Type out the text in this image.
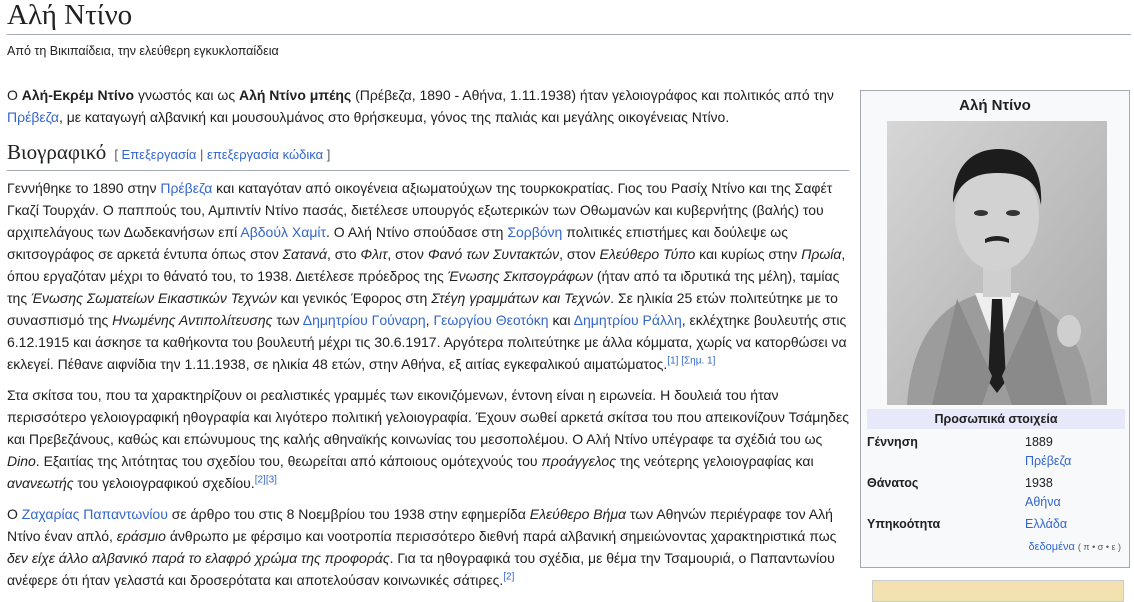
Αλή Ντίνο
Από τη Βικιπαίδεια, την ελεύθερη εγκυκλοπαίδεια

Ο Αλή-Εκρέμ Ντίνο γνωστός και ως Αλή Ντίνο μπέης (Πρέβεζα, 1890 - Αθήνα, 1.11.1938) ήταν γελοιογράφος και πολιτικός από την Πρέβεζα, με καταγωγή αλβανική και μουσουλμάνος στο θρήσκευμα, γόνος της παλιάς και μεγάλης οικογένειας Ντίνο.

Βιογραφικό [ Επεξεργασία | επεξεργασία κώδικα ]

Γεννήθηκε το 1890 στην Πρέβεζα και καταγόταν από οικογένεια αξιωματούχων της τουρκοκρατίας. Γιος του Ρασίχ Ντίνο και της Σαφέτ Γκαζί Τουρχάν. Ο παππούς του, Αμπιντίν Ντίνο πασάς, διετέλεσε υπουργός εξωτερικών των Οθωμανών και κυβερνήτης (βαλής) του αρχιπελάγους των Δωδεκανήσων επί Αβδούλ Χαμίτ. Ο Αλή Ντίνο σπούδασε στη Σορβόνη πολιτικές επιστήμες και δούλεψε ως σκιτσογράφος σε αρκετά έντυπα όπως στον Σατανά, στο Φλιτ, στον Φανό των Συντακτών, στον Ελεύθερο Τύπο και κυρίως στην Πρωία, όπου εργαζόταν μέχρι το θάνατό του, το 1938. Διετέλεσε πρόεδρος της Ένωσης Σκιτσογράφων (ήταν από τα ιδρυτικά της μέλη), ταμίας της Ένωσης Σωματείων Εικαστικών Τεχνών και γενικός Έφορος στη Στέγη γραμμάτων και Τεχνών. Σε ηλικία 25 ετών πολιτεύτηκε με το συνασπισμό της Ηνωμένης Αντιπολίτευσης των Δημητρίου Γούναρη, Γεωργίου Θεοτόκη και Δημητρίου Ράλλη, εκλέχτηκε βουλευτής στις 6.12.1915 και άσκησε τα καθήκοντα του βουλευτή μέχρι τις 30.6.1917. Αργότερα πολιτεύτηκε με άλλα κόμματα, χωρίς να κατορθώσει να εκλεγεί. Πέθανε αιφνίδια την 1.11.1938, σε ηλικία 48 ετών, στην Αθήνα, εξ αιτίας εγκεφαλικού αιματώματος.[1] [Σημ. 1]

Στα σκίτσα του, που τα χαρακτηρίζουν οι ρεαλιστικές γραμμές των εικονιζόμενων, έντονη είναι η ειρωνεία. Η δουλειά του ήταν περισσότερο γελοιογραφική ηθογραφία και λιγότερο πολιτική γελοιογραφία. Έχουν σωθεί αρκετά σκίτσα του που απεικονίζουν Τσάμηδες και Πρεβεζάνους, καθώς και επώνυμους της καλής αθηναϊκής κοινωνίας του μεσοπολέμου. Ο Αλή Ντίνο υπέγραφε τα σχέδιά του ως Dino. Εξαιτίας της λιτότητας του σχεδίου του, θεωρείται από κάποιους ομότεχνούς του προάγγελος της νεότερης γελοιογραφίας και ανανεωτής του γελοιογραφικού σχεδίου.[2][3]

Ο Ζαχαρίας Παπαντωνίου σε άρθρο του στις 8 Νοεμβρίου του 1938 στην εφημερίδα Ελεύθερο Βήμα των Αθηνών περιέγραφε τον Αλή Ντίνο έναν απλό, εράσμιο άνθρωπο με φέρσιμο και νοοτροπία περισσότερο διεθνή παρά αλβανική σημειώνοντας χαρακτηριστικά πως δεν είχε άλλο αλβανικό παρά το ελαφρό χρώμα της προφοράς. Για τα ηθογραφικά του σχέδια, με θέμα την Τσαμουριά, ο Παπαντωνίου ανέφερε ότι ήταν γελαστά και δροσερότατα και αποτελούσαν κοινωνικές σάτιρες.[2]

Αλή Ντίνο
Προσωπικά στοιχεία
Γέννηση	1889
Πρέβεζα
Θάνατος	1938
Αθήνα
Υπηκοότητα	Ελλάδα
δεδομένα ( π • σ • ε )
